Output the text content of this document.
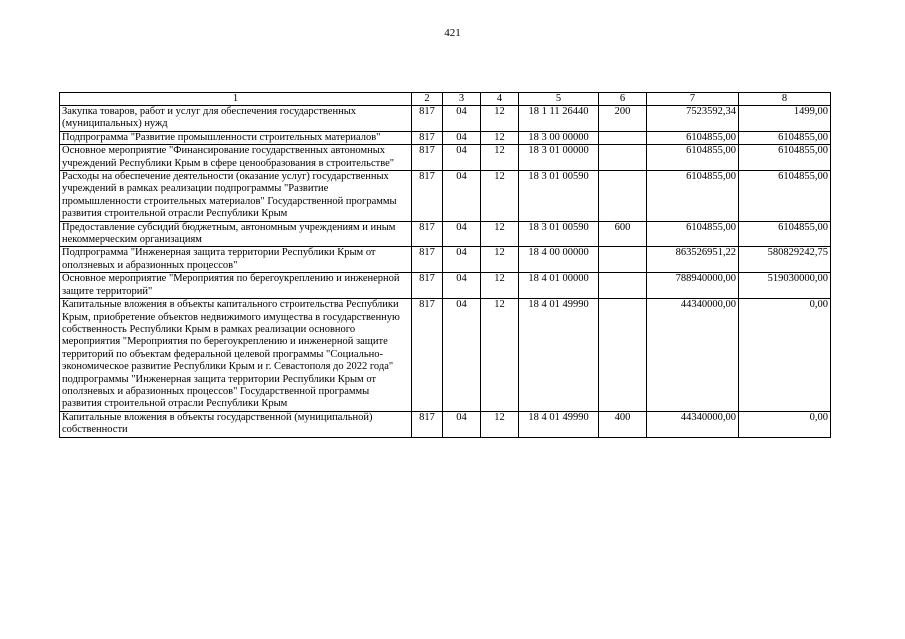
421
1	2	3	4	5	6	7	8
Закупка товаров, работ и услуг для обеспечения государственных (муниципальных) нужд	817	04	12	18 1 11 26440	200	7523592,34	1499,00
Подпрограмма "Развитие промышленности строительных материалов"	817	04	12	18 3 00 00000		6104855,00	6104855,00
Основное мероприятие "Финансирование государственных автономных учреждений Республики Крым в сфере ценообразования в строительстве"	817	04	12	18 3 01 00000		6104855,00	6104855,00
Расходы на обеспечение деятельности (оказание услуг) государственных учреждений в рамках реализации подпрограммы "Развитие промышленности строительных материалов" Государственной программы развития строительной отрасли Республики Крым	817	04	12	18 3 01 00590		6104855,00	6104855,00
Предоставление субсидий бюджетным, автономным учреждениям и иным некоммерческим организациям	817	04	12	18 3 01 00590	600	6104855,00	6104855,00
Подпрограмма "Инженерная защита территории Республики Крым от оползневых и абразионных процессов"	817	04	12	18 4 00 00000		863526951,22	580829242,75
Основное мероприятие "Мероприятия по берегоукреплению и инженерной защите территорий"	817	04	12	18 4 01 00000		788940000,00	519030000,00
Капитальные вложения в объекты капитального строительства Республики Крым, приобретение объектов недвижимого имущества в государственную собственность Республики Крым в рамках реализации основного мероприятия "Мероприятия по берегоукреплению и инженерной защите территорий по объектам федеральной целевой программы "Социально-экономическое развитие Республики Крым и г. Севастополя до 2022 года" подпрограммы "Инженерная защита территории Республики Крым от оползневых и абразионных процессов" Государственной программы развития строительной отрасли Республики Крым	817	04	12	18 4 01 49990		44340000,00	0,00
Капитальные вложения в объекты государственной (муниципальной) собственности	817	04	12	18 4 01 49990	400	44340000,00	0,00
